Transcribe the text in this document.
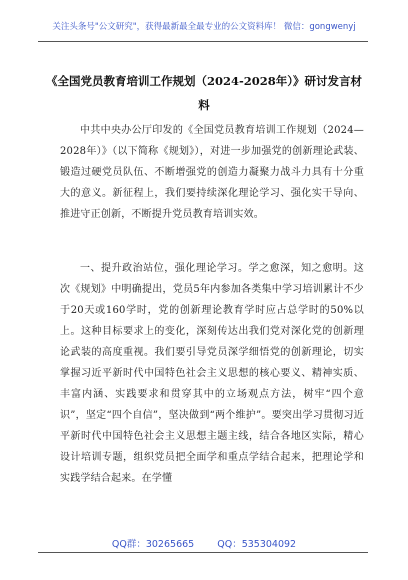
关注头条号"公文研究"，获得最新最全最专业的公文资料库！ 微信：gongwenyj
《全国党员教育培训工作规划（2024-2028年）》研讨发言材料
中共中央办公厅印发的《全国党员教育培训工作规划（2024—2028年）》（以下简称《规划》），对进一步加强党的创新理论武装、锻造过硬党员队伍、不断增强党的创造力凝聚力战斗力具有十分重大的意义。新征程上，我们要持续深化理论学习、强化实干导向、推进守正创新，不断提升党员教育培训实效。
一、提升政治站位，强化理论学习。学之愈深，知之愈明。这次《规划》中明确提出，党员5年内参加各类集中学习培训累计不少于20天或160学时，党的创新理论教育学时应占总学时的50%以上。这种目标要求上的变化，深刻传达出我们党对深化党的创新理论武装的高度重视。我们要引导党员深学细悟党的创新理论，切实掌握习近平新时代中国特色社会主义思想的核心要义、精神实质、丰富内涵、实践要求和贯穿其中的立场观点方法，树牢“四个意识”，坚定“四个自信”，坚决做到“两个维护”。要突出学习贯彻习近平新时代中国特色社会主义思想主题主线，结合各地区实际，精心设计培训专题，组织党员把全面学和重点学结合起来，把理论学和实践学结合起来。在学懂
QQ群：30265665 QQ：535304092
